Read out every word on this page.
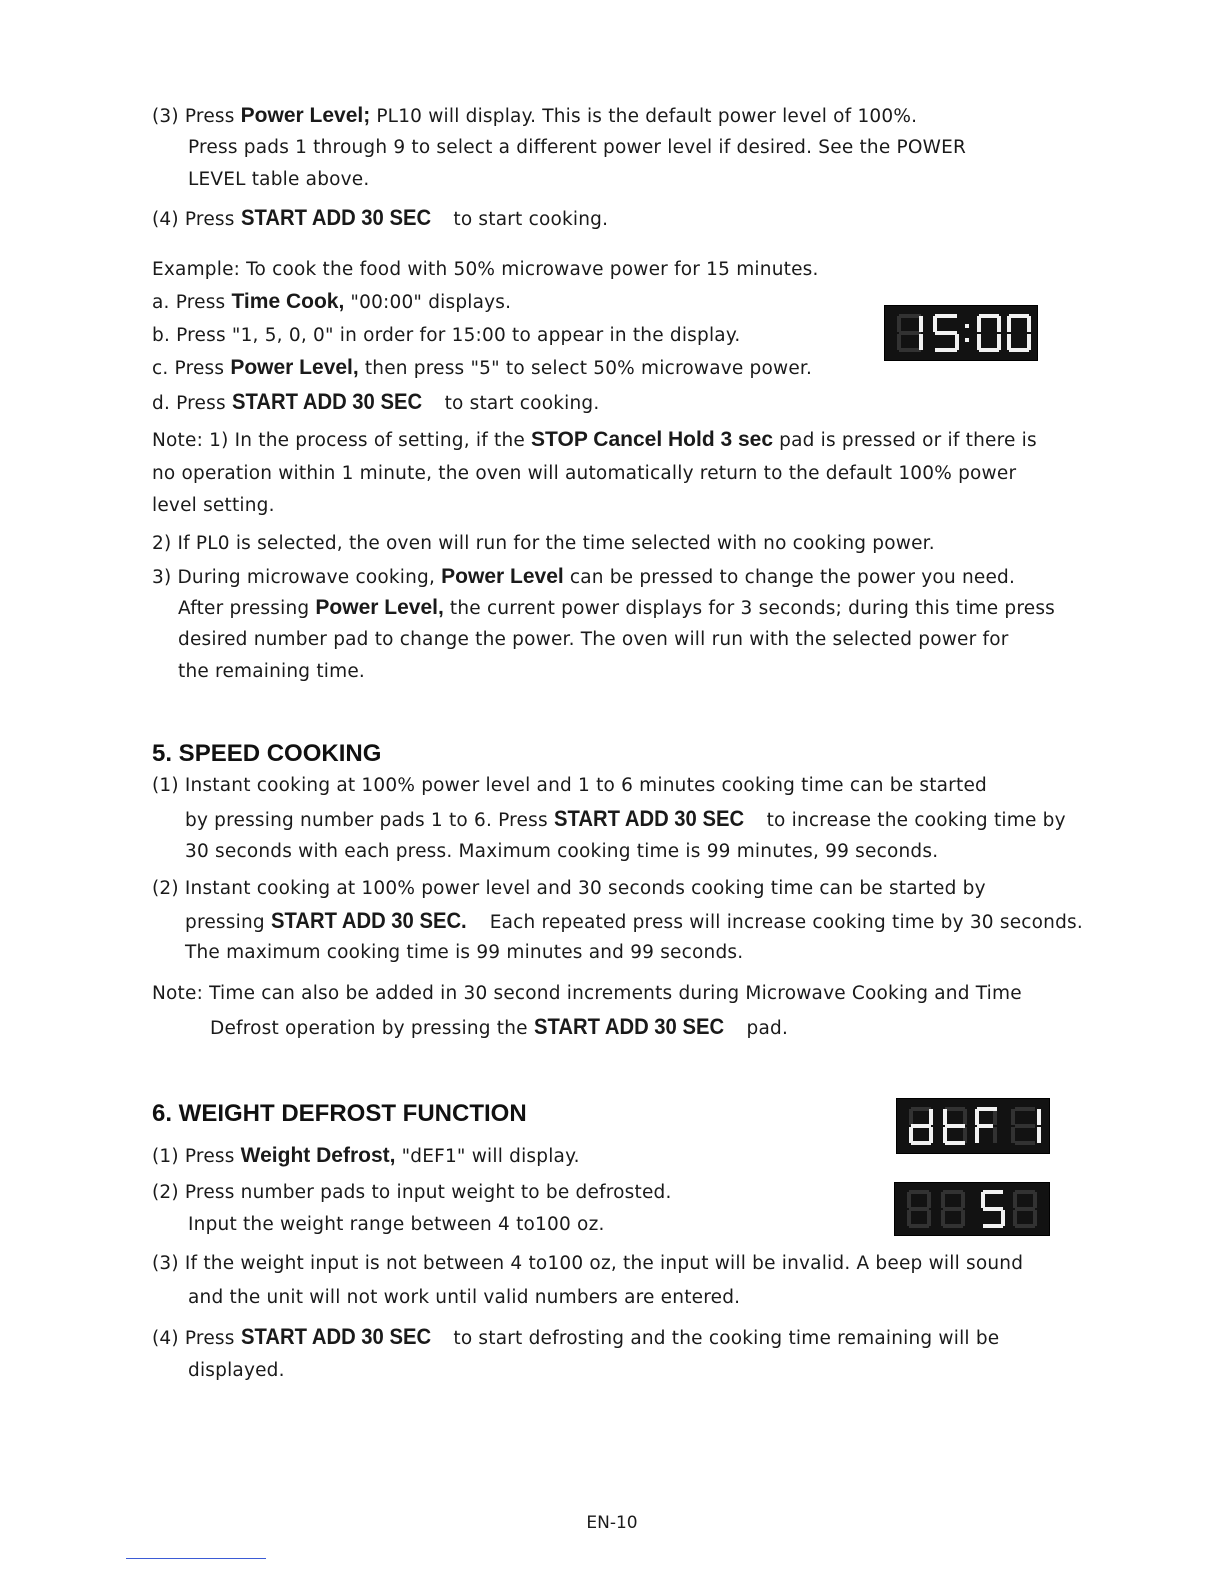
(3) Press Power Level; PL10 will display. This is the default power level of 100%.
Press pads 1 through 9 to select a different power level if desired. See the POWER
LEVEL table above.
(4) Press START ADD 30 SEC to start cooking.
Example: To cook the food with 50% microwave power for 15 minutes.
a. Press Time Cook, "00:00" displays.
b. Press "1, 5, 0, 0" in order for 15:00 to appear in the display.
c. Press Power Level, then press "5" to select 50% microwave power.
d. Press START ADD 30 SEC to start cooking.
Note: 1) In the process of setting, if the STOP Cancel Hold 3 sec pad is pressed or if there is
no operation within 1 minute, the oven will automatically return to the default 100% power
level setting.
2) If PL0 is selected, the oven will run for the time selected with no cooking power.
3) During microwave cooking, Power Level can be pressed to change the power you need.
After pressing Power Level, the current power displays for 3 seconds; during this time press
desired number pad to change the power. The oven will run with the selected power for
the remaining time.
5. SPEED COOKING
(1) Instant cooking at 100% power level and 1 to 6 minutes cooking time can be started
by pressing number pads 1 to 6. Press START ADD 30 SEC to increase the cooking time by
30 seconds with each press. Maximum cooking time is 99 minutes, 99 seconds.
(2) Instant cooking at 100% power level and 30 seconds cooking time can be started by
pressing START ADD 30 SEC. Each repeated press will increase cooking time by 30 seconds.
The maximum cooking time is 99 minutes and 99 seconds.
Note: Time can also be added in 30 second increments during Microwave Cooking and Time
Defrost operation by pressing the START ADD 30 SEC pad.
6. WEIGHT DEFROST FUNCTION
(1) Press Weight Defrost, "dEF1" will display.
(2) Press number pads to input weight to be defrosted.
Input the weight range between 4 to100 oz.
(3) If the weight input is not between 4 to100 oz, the input will be invalid. A beep will sound
and the unit will not work until valid numbers are entered.
(4) Press START ADD 30 SEC to start defrosting and the cooking time remaining will be
displayed.
EN-10
